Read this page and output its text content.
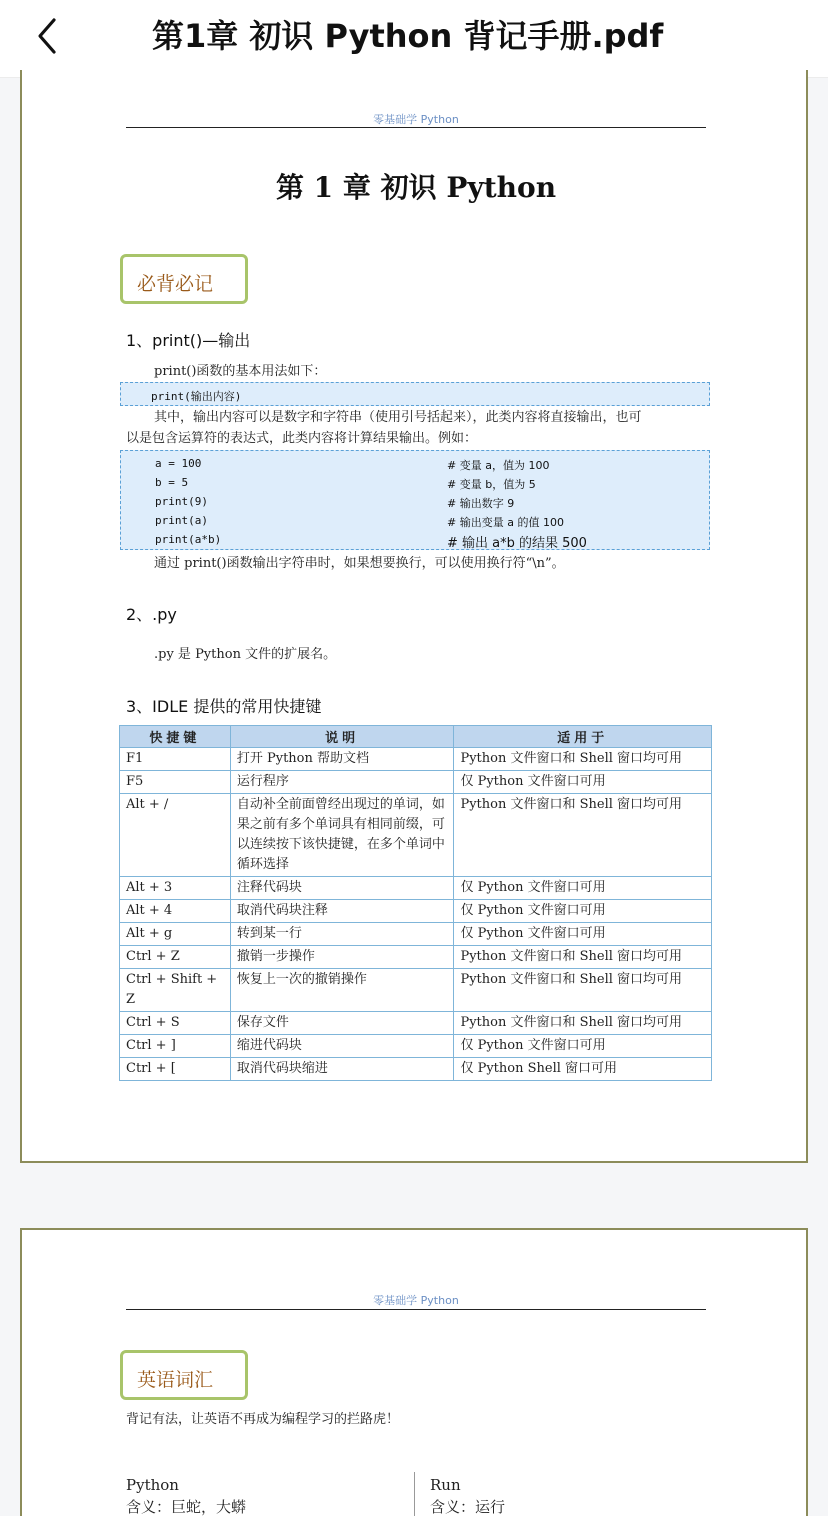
第1章 初识 Python 背记手册.pdf
零基础学 Python
第 1 章 初识 Python
必背必记
1、print()—输出
print()函数的基本用法如下：
print(输出内容)
其中，输出内容可以是数字和字符串（使用引号括起来），此类内容将直接输出，也可
以是包含运算符的表达式，此类内容将计算结果输出。例如：
a = 100	# 变量 a，值为 100
b = 5	# 变量 b，值为 5
print(9)	# 输出数字 9
print(a)	# 输出变量 a 的值 100
print(a*b)	# 输出 a*b 的结果 500
通过 print()函数输出字符串时，如果想要换行，可以使用换行符“\n”。
2、.py
.py 是 Python 文件的扩展名。
3、IDLE 提供的常用快捷键
快捷键	说明	适用于
F1	打开 Python 帮助文档	Python 文件窗口和 Shell 窗口均可用
F5	运行程序	仅 Python 文件窗口可用
Alt + /	自动补全前面曾经出现过的单词，如果之前有多个单词具有相同前缀，可以连续按下该快捷键，在多个单词中循环选择	Python 文件窗口和 Shell 窗口均可用
Alt + 3	注释代码块	仅 Python 文件窗口可用
Alt + 4	取消代码块注释	仅 Python 文件窗口可用
Alt + g	转到某一行	仅 Python 文件窗口可用
Ctrl + Z	撤销一步操作	Python 文件窗口和 Shell 窗口均可用
Ctrl + Shift + Z	恢复上一次的撤销操作	Python 文件窗口和 Shell 窗口均可用
Ctrl + S	保存文件	Python 文件窗口和 Shell 窗口均可用
Ctrl + ]	缩进代码块	仅 Python 文件窗口可用
Ctrl + [	取消代码块缩进	仅 Python Shell 窗口可用
零基础学 Python
英语词汇
背记有法，让英语不再成为编程学习的拦路虎！
Python
含义：巨蛇，大蟒
Run
含义：运行
